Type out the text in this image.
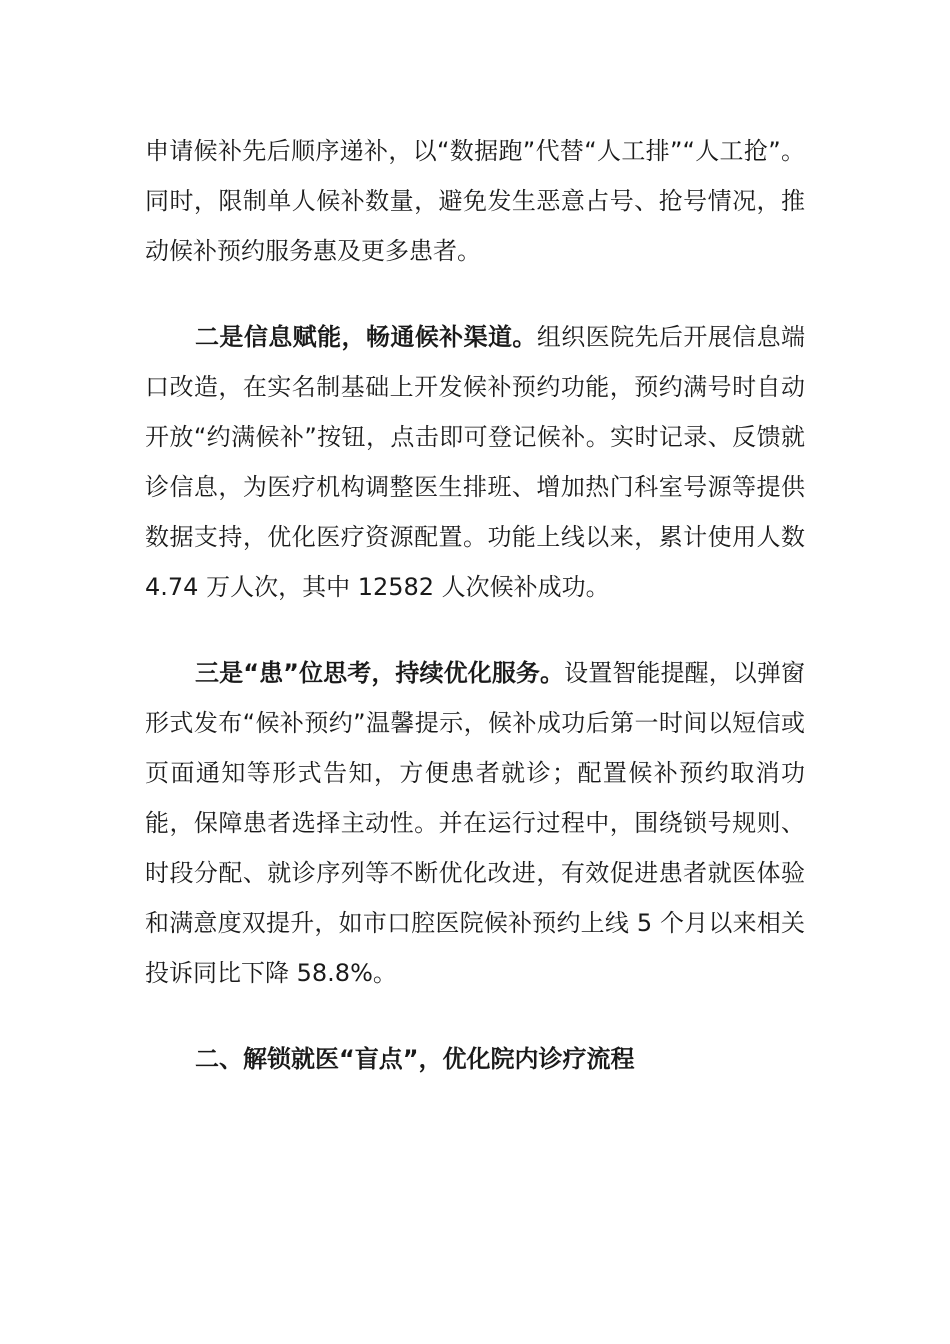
申请候补先后顺序递补，以“数据跑”代替“人工排”“人工抢”。同时，限制单人候补数量，避免发生恶意占号、抢号情况，推动候补预约服务惠及更多患者。

二是信息赋能，畅通候补渠道。组织医院先后开展信息端口改造，在实名制基础上开发候补预约功能，预约满号时自动开放“约满候补”按钮，点击即可登记候补。实时记录、反馈就诊信息，为医疗机构调整医生排班、增加热门科室号源等提供数据支持，优化医疗资源配置。功能上线以来，累计使用人数 4.74 万人次，其中 12582 人次候补成功。

三是“患”位思考，持续优化服务。设置智能提醒，以弹窗形式发布“候补预约”温馨提示，候补成功后第一时间以短信或页面通知等形式告知，方便患者就诊；配置候补预约取消功能，保障患者选择主动性。并在运行过程中，围绕锁号规则、时段分配、就诊序列等不断优化改进，有效促进患者就医体验和满意度双提升，如市口腔医院候补预约上线 5 个月以来相关投诉同比下降 58.8%。

二、解锁就医“盲点”，优化院内诊疗流程
